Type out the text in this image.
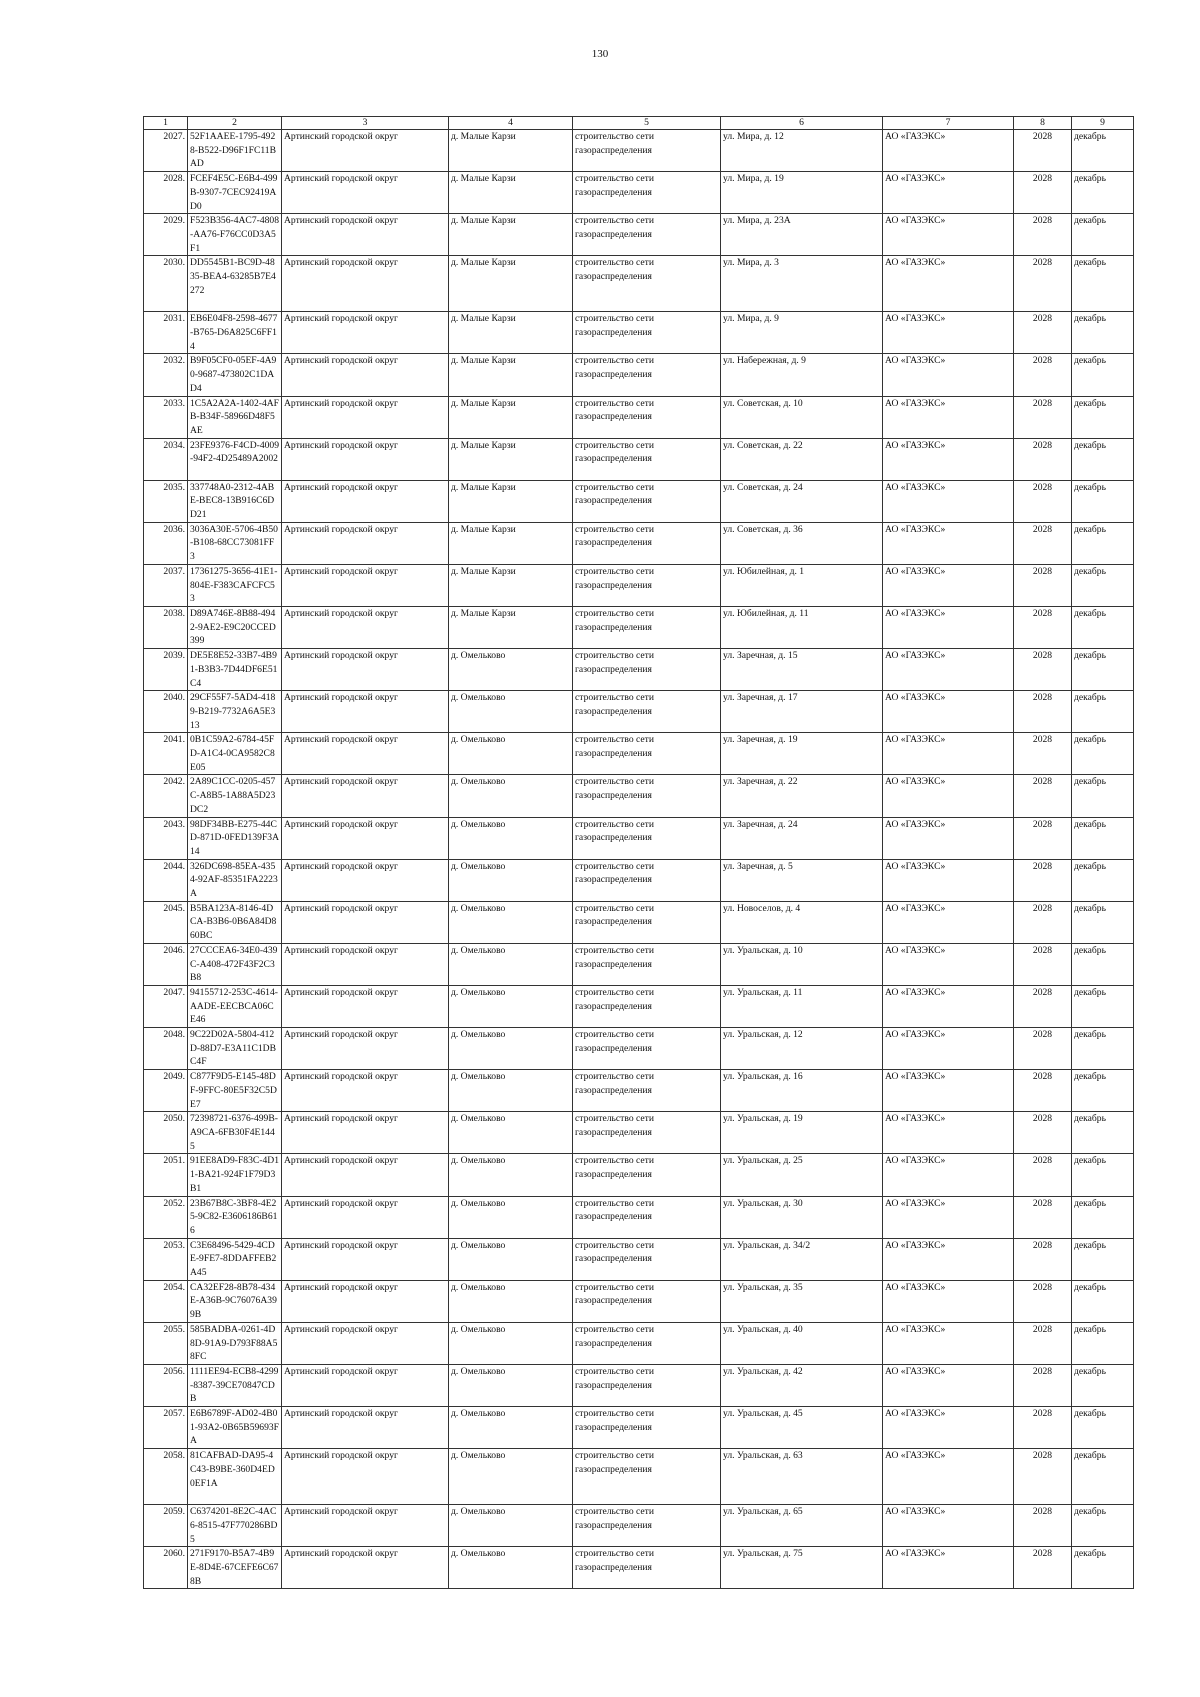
130
1	2	3	4	5	6	7	8	9
2027.	52F1AAEE-1795-4928-B522-D96F1FC11BAD	Артинский городской округ	д. Малые Карзи	строительство сети газораспределения	ул. Мира, д. 12	АО «ГАЗЭКС»	2028	декабрь
2028.	FCEF4E5C-E6B4-499B-9307-7CEC92419AD0	Артинский городской округ	д. Малые Карзи	строительство сети газораспределения	ул. Мира, д. 19	АО «ГАЗЭКС»	2028	декабрь
2029.	F523B356-4AC7-4808-AA76-F76CC0D3A5F1	Артинский городской округ	д. Малые Карзи	строительство сети газораспределения	ул. Мира, д. 23А	АО «ГАЗЭКС»	2028	декабрь
2030.	DD5545B1-BC9D-4835-BEA4-63285B7E4272	Артинский городской округ	д. Малые Карзи	строительство сети газораспределения	ул. Мира, д. 3	АО «ГАЗЭКС»	2028	декабрь
2031.	EB6E04F8-2598-4677-B765-D6A825C6FF14	Артинский городской округ	д. Малые Карзи	строительство сети газораспределения	ул. Мира, д. 9	АО «ГАЗЭКС»	2028	декабрь
2032.	B9F05CF0-05EF-4A90-9687-473802C1DAD4	Артинский городской округ	д. Малые Карзи	строительство сети газораспределения	ул. Набережная, д. 9	АО «ГАЗЭКС»	2028	декабрь
2033.	1C5A2A2A-1402-4AFB-B34F-58966D48F5AE	Артинский городской округ	д. Малые Карзи	строительство сети газораспределения	ул. Советская, д. 10	АО «ГАЗЭКС»	2028	декабрь
2034.	23FE9376-F4CD-4009-94F2-4D25489A2002	Артинский городской округ	д. Малые Карзи	строительство сети газораспределения	ул. Советская, д. 22	АО «ГАЗЭКС»	2028	декабрь
2035.	337748A0-2312-4ABE-BEC8-13B916C6DD21	Артинский городской округ	д. Малые Карзи	строительство сети газораспределения	ул. Советская, д. 24	АО «ГАЗЭКС»	2028	декабрь
2036.	3036A30E-5706-4B50-B108-68CC73081FF3	Артинский городской округ	д. Малые Карзи	строительство сети газораспределения	ул. Советская, д. 36	АО «ГАЗЭКС»	2028	декабрь
2037.	17361275-3656-41E1-804E-F383CAFCFC53	Артинский городской округ	д. Малые Карзи	строительство сети газораспределения	ул. Юбилейная, д. 1	АО «ГАЗЭКС»	2028	декабрь
2038.	D89A746E-8B88-4942-9AE2-E9C20CCED399	Артинский городской округ	д. Малые Карзи	строительство сети газораспределения	ул. Юбилейная, д. 11	АО «ГАЗЭКС»	2028	декабрь
2039.	DE5E8E52-33B7-4B91-B3B3-7D44DF6E51C4	Артинский городской округ	д. Омельково	строительство сети газораспределения	ул. Заречная, д. 15	АО «ГАЗЭКС»	2028	декабрь
2040.	29CF55F7-5AD4-4189-B219-7732A6A5E313	Артинский городской округ	д. Омельково	строительство сети газораспределения	ул. Заречная, д. 17	АО «ГАЗЭКС»	2028	декабрь
2041.	0B1C59A2-6784-45FD-A1C4-0CA9582C8E05	Артинский городской округ	д. Омельково	строительство сети газораспределения	ул. Заречная, д. 19	АО «ГАЗЭКС»	2028	декабрь
2042.	2A89C1CC-0205-457C-A8B5-1A88A5D23DC2	Артинский городской округ	д. Омельково	строительство сети газораспределения	ул. Заречная, д. 22	АО «ГАЗЭКС»	2028	декабрь
2043.	98DF34BB-E275-44CD-871D-0FED139F3A14	Артинский городской округ	д. Омельково	строительство сети газораспределения	ул. Заречная, д. 24	АО «ГАЗЭКС»	2028	декабрь
2044.	326DC698-85EA-4354-92AF-85351FA2223A	Артинский городской округ	д. Омельково	строительство сети газораспределения	ул. Заречная, д. 5	АО «ГАЗЭКС»	2028	декабрь
2045.	B5BA123A-8146-4DCA-B3B6-0B6A84D860BC	Артинский городской округ	д. Омельково	строительство сети газораспределения	ул. Новоселов, д. 4	АО «ГАЗЭКС»	2028	декабрь
2046.	27CCCEA6-34E0-439C-A408-472F43F2C3B8	Артинский городской округ	д. Омельково	строительство сети газораспределения	ул. Уральская, д. 10	АО «ГАЗЭКС»	2028	декабрь
2047.	94155712-253C-4614-AADE-EECBCA06CE46	Артинский городской округ	д. Омельково	строительство сети газораспределения	ул. Уральская, д. 11	АО «ГАЗЭКС»	2028	декабрь
2048.	9C22D02A-5804-412D-88D7-E3A11C1DBC4F	Артинский городской округ	д. Омельково	строительство сети газораспределения	ул. Уральская, д. 12	АО «ГАЗЭКС»	2028	декабрь
2049.	C877F9D5-E145-48DF-9FFC-80E5F32C5DE7	Артинский городской округ	д. Омельково	строительство сети газораспределения	ул. Уральская, д. 16	АО «ГАЗЭКС»	2028	декабрь
2050.	72398721-6376-499B-A9CA-6FB30F4E1445	Артинский городской округ	д. Омельково	строительство сети газораспределения	ул. Уральская, д. 19	АО «ГАЗЭКС»	2028	декабрь
2051.	91EE8AD9-F83C-4D11-BA21-924F1F79D3B1	Артинский городской округ	д. Омельково	строительство сети газораспределения	ул. Уральская, д. 25	АО «ГАЗЭКС»	2028	декабрь
2052.	23B67B8C-3BF8-4E25-9C82-E3606186B616	Артинский городской округ	д. Омельково	строительство сети газораспределения	ул. Уральская, д. 30	АО «ГАЗЭКС»	2028	декабрь
2053.	C3E68496-5429-4CDE-9FE7-8DDAFFEB2A45	Артинский городской округ	д. Омельково	строительство сети газораспределения	ул. Уральская, д. 34/2	АО «ГАЗЭКС»	2028	декабрь
2054.	CA32EF28-8B78-434E-A36B-9C76076A399B	Артинский городской округ	д. Омельково	строительство сети газораспределения	ул. Уральская, д. 35	АО «ГАЗЭКС»	2028	декабрь
2055.	585BADBA-0261-4D8D-91A9-D793F88A58FC	Артинский городской округ	д. Омельково	строительство сети газораспределения	ул. Уральская, д. 40	АО «ГАЗЭКС»	2028	декабрь
2056.	1111EE94-ECB8-4299-8387-39CE70847CDB	Артинский городской округ	д. Омельково	строительство сети газораспределения	ул. Уральская, д. 42	АО «ГАЗЭКС»	2028	декабрь
2057.	E6B6789F-AD02-4B01-93A2-0B65B59693FA	Артинский городской округ	д. Омельково	строительство сети газораспределения	ул. Уральская, д. 45	АО «ГАЗЭКС»	2028	декабрь
2058.	81CAFBAD-DA95-4C43-B9BE-360D4ED0EF1A	Артинский городской округ	д. Омельково	строительство сети газораспределения	ул. Уральская, д. 63	АО «ГАЗЭКС»	2028	декабрь
2059.	C6374201-8E2C-4AC6-8515-47F770286BD5	Артинский городской округ	д. Омельково	строительство сети газораспределения	ул. Уральская, д. 65	АО «ГАЗЭКС»	2028	декабрь
2060.	271F9170-B5A7-4B9E-8D4E-67CEFE6C678B	Артинский городской округ	д. Омельково	строительство сети газораспределения	ул. Уральская, д. 75	АО «ГАЗЭКС»	2028	декабрь
